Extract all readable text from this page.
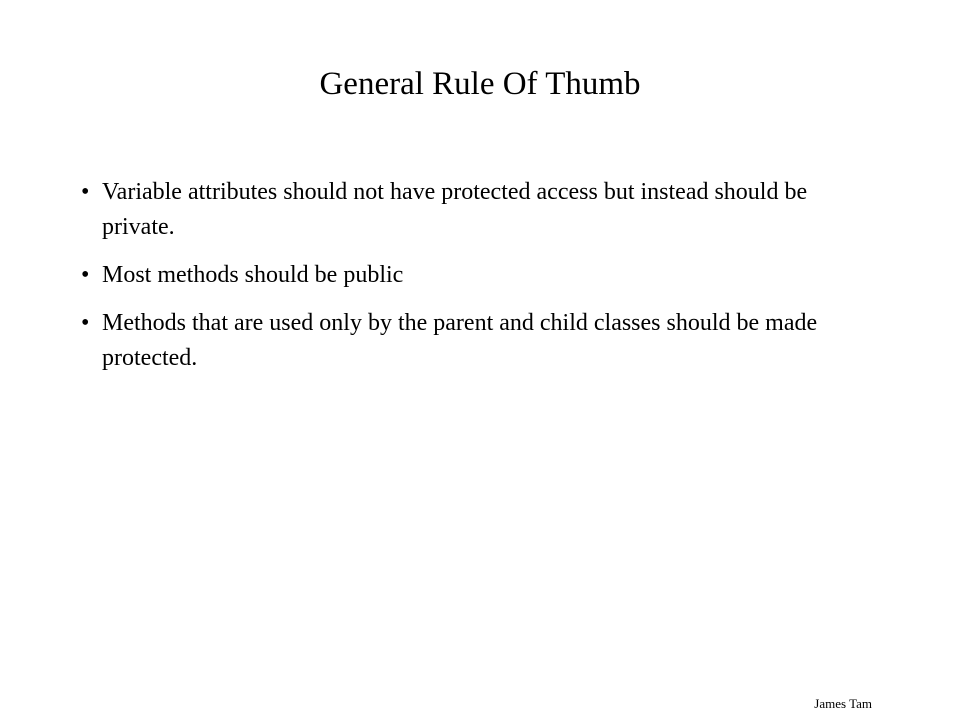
General Rule Of Thumb
• Variable attributes should not have protected access but instead should be private.
• Most methods should be public
• Methods that are used only by the parent and child classes should be made protected.
James Tam
